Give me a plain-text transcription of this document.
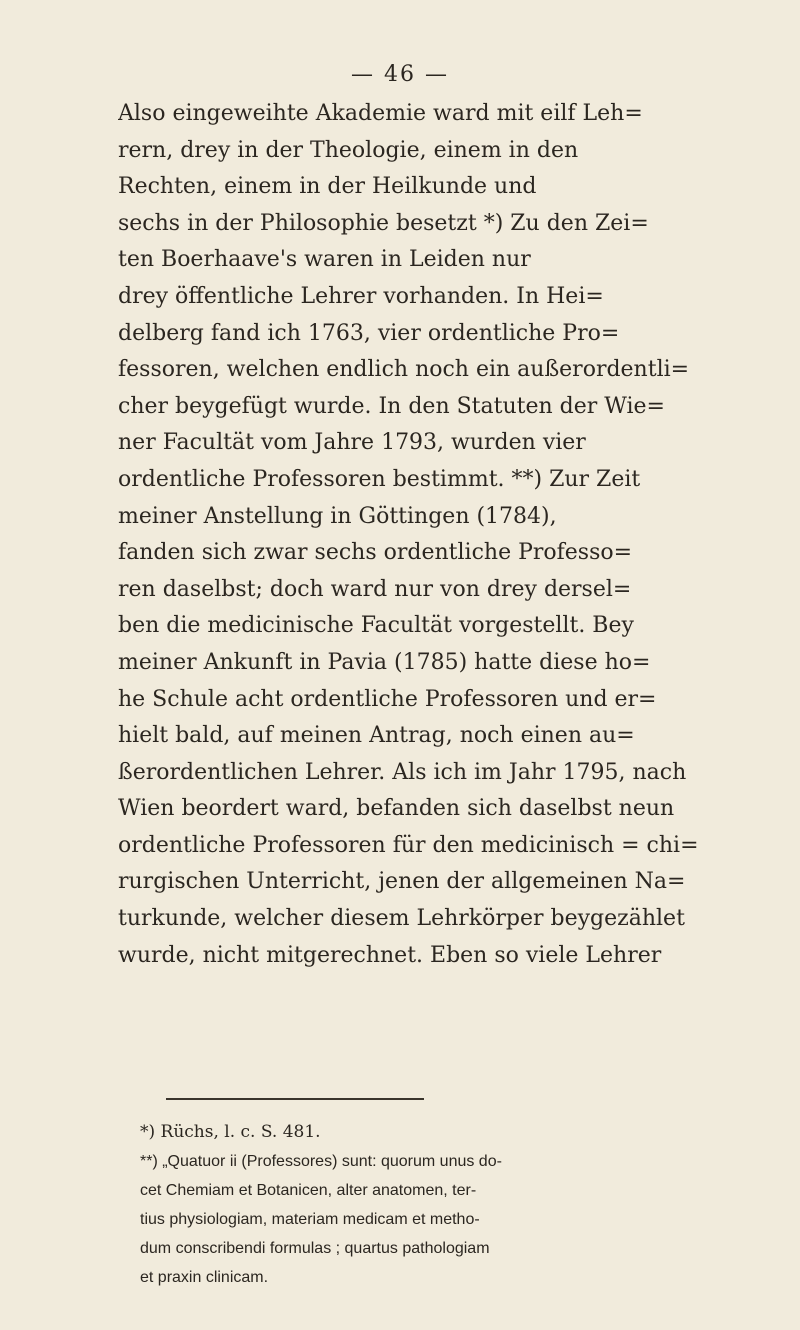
— 46 —
Also eingeweihte Akademie ward mit eilf Leh=
rern, drey in der Theologie, einem in den
Rechten, einem in der Heilkunde und
sechs in der Philosophie besetzt *) Zu den Zei=
ten Boerhaave's waren in Leiden nur
drey öffentliche Lehrer vorhanden. In Hei=
delberg fand ich 1763, vier ordentliche Pro=
fessoren, welchen endlich noch ein außerordentli=
cher beygefügt wurde. In den Statuten der Wie=
ner Facultät vom Jahre 1793, wurden vier
ordentliche Professoren bestimmt. **) Zur Zeit
meiner Anstellung in Göttingen (1784),
fanden sich zwar sechs ordentliche Professo=
ren daselbst; doch ward nur von drey dersel=
ben die medicinische Facultät vorgestellt. Bey
meiner Ankunft in Pavia (1785) hatte diese ho=
he Schule acht ordentliche Professoren und er=
hielt bald, auf meinen Antrag, noch einen au=
ßerordentlichen Lehrer. Als ich im Jahr 1795, nach
Wien beordert ward, befanden sich daselbst neun
ordentliche Professoren für den medicinisch = chi=
rurgischen Unterricht, jenen der allgemeinen Na=
turkunde, welcher diesem Lehrkörper beygezählet
wurde, nicht mitgerechnet. Eben so viele Lehrer
*) Rüchs, l. c. S. 481.
**) „Quatuor ii (Professores) sunt: quorum unus do-
cet Chemiam et Botanicen, alter anatomen, ter-
tius physiologiam, materiam medicam et metho-
dum conscribendi formulas ; quartus pathologiam
et praxin clinicam.
